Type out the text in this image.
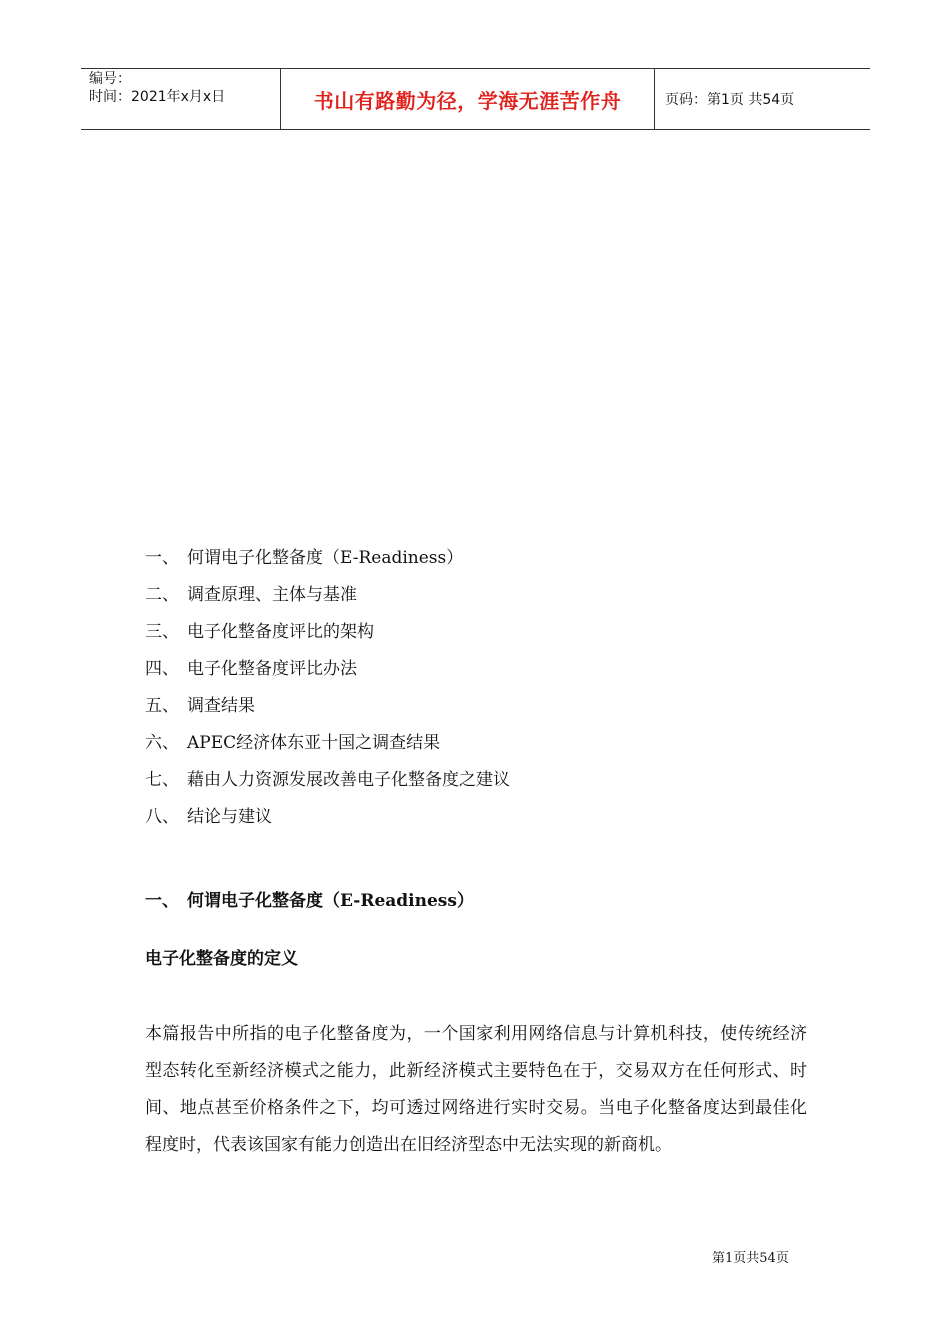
编号：
时间：2021年x月x日	书山有路勤为径，学海无涯苦作舟	页码：第1页 共54页
一、 何谓电子化整备度（E-Readiness）
二、 调查原理、主体与基准
三、 电子化整备度评比的架构
四、 电子化整备度评比办法
五、 调查结果
六、 APEC经济体东亚十国之调查结果
七、 藉由人力资源发展改善电子化整备度之建议
八、 结论与建议
一、 何谓电子化整备度（E-Readiness）
电子化整备度的定义

本篇报告中所指的电子化整备度为，一个国家利用网络信息与计算机科技，使传统经济型态转化至新经济模式之能力，此新经济模式主要特色在于，交易双方在任何形式、时间、地点甚至价格条件之下，均可透过网络进行实时交易。当电子化整备度达到最佳化程度时，代表该国家有能力创造出在旧经济型态中无法实现的新商机。

第1页共54页
